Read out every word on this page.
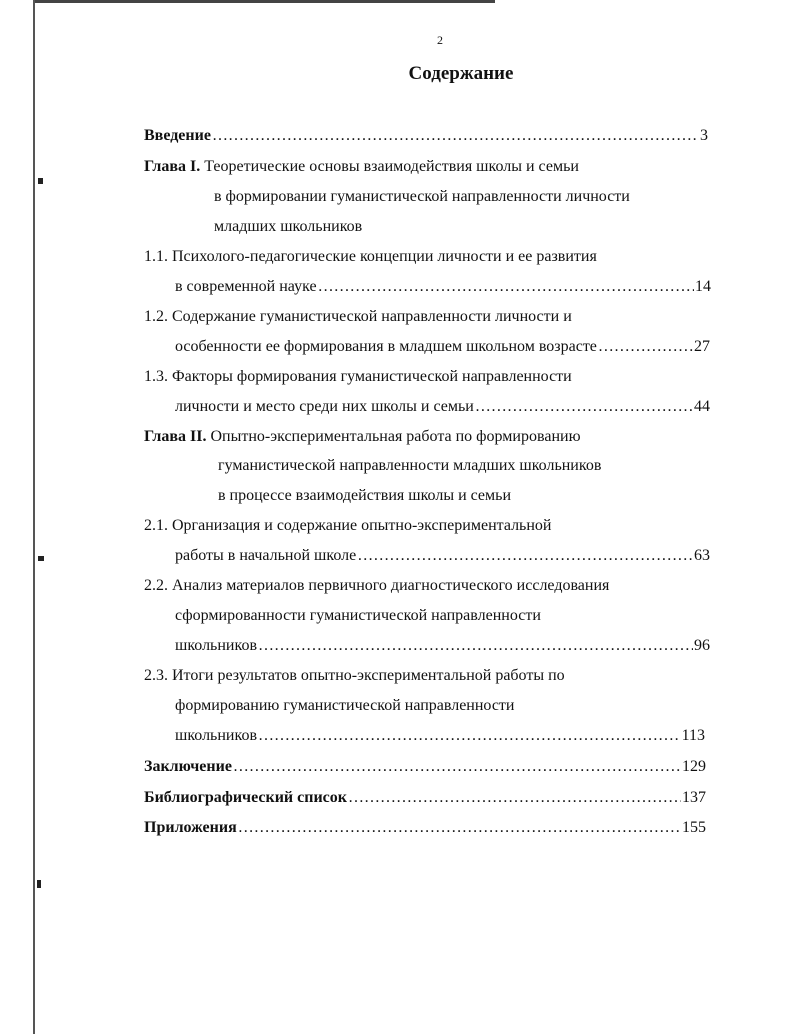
2
Содержание
Введение …………………………………………………………………………………………………………………………………………………………	3
Глава I. Теоретические основы взаимодействия школы и семьи
в формировании гуманистической направленности личности
младших школьников
1.1. Психолого-педагогические концепции личности и ее развития
в современной науке …………………………………………………………………………………………………………………………………………………………	14
1.2. Содержание гуманистической направленности личности и
особенности ее формирования в младшем школьном возрасте …………………………………………………………………………………………………………………………………………………………	27
1.3. Факторы формирования гуманистической направленности
личности и место среди них школы и семьи …………………………………………………………………………………………………………………………………………………………	44
Глава II. Опытно-экспериментальная работа по формированию
гуманистической направленности младших школьников
в процессе взаимодействия школы и семьи
2.1. Организация и содержание опытно-экспериментальной
работы в начальной школе …………………………………………………………………………………………………………………………………………………………	63
2.2. Анализ материалов первичного диагностического исследования
сформированности гуманистической направленности
школьников …………………………………………………………………………………………………………………………………………………………	96
2.3. Итоги результатов опытно-экспериментальной работы по
формированию гуманистической направленности
школьников …………………………………………………………………………………………………………………………………………………………	113
Заключение …………………………………………………………………………………………………………………………………………………………	129
Библиографический список …………………………………………………………………………………………………………………………………………………………	137
Приложения …………………………………………………………………………………………………………………………………………………………	155
